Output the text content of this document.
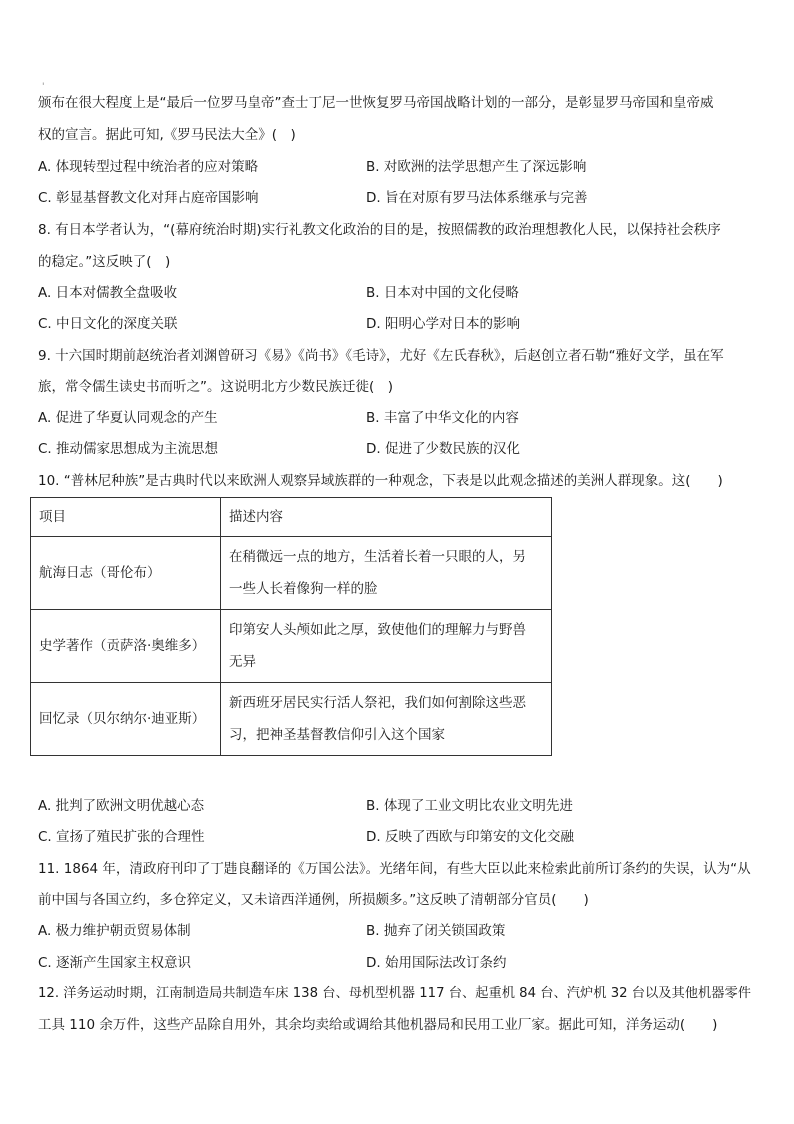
'
颁布在很大程度上是“最后一位罗马皇帝”查士丁尼一世恢复罗马帝国战略计划的一部分，是彰显罗马帝国和皇帝威
权的宣言。据此可知,《罗马民法大全》(　)
A. 体现转型过程中统治者的应对策略	B. 对欧洲的法学思想产生了深远影响
C. 彰显基督教文化对拜占庭帝国影响	D. 旨在对原有罗马法体系继承与完善
8. 有日本学者认为，“(幕府统治时期)实行礼教文化政治的目的是，按照儒教的政治理想教化人民，以保持社会秩序
的稳定。”这反映了(　)
A. 日本对儒教全盘吸收	B. 日本对中国的文化侵略
C. 中日文化的深度关联	D. 阳明心学对日本的影响
9. 十六国时期前赵统治者刘渊曾研习《易》《尚书》《毛诗》，尤好《左氏春秋》，后赵创立者石勒“雅好文学，虽在军
旅，常令儒生读史书而听之”。这说明北方少数民族迁徙(　)
A. 促进了华夏认同观念的产生	B. 丰富了中华文化的内容
C. 推动儒家思想成为主流思想	D. 促进了少数民族的汉化
10. “普林尼种族”是古典时代以来欧洲人观察异域族群的一种观念，下表是以此观念描述的美洲人群现象。这(　　)
项目	描述内容
航海日志（哥伦布）	在稍微远一点的地方，生活着长着一只眼的人，另
一些人长着像狗一样的脸

史学著作（贡萨洛·奥维多）	印第安人头颅如此之厚，致使他们的理解力与野兽
无异

回忆录（贝尔纳尔·迪亚斯）	新西班牙居民实行活人祭祀，我们如何割除这些恶
习，把神圣基督教信仰引入这个国家
A. 批判了欧洲文明优越心态	B. 体现了工业文明比农业文明先进
C. 宣扬了殖民扩张的合理性	D. 反映了西欧与印第安的文化交融
11. 1864 年，清政府刊印了丁韪良翻译的《万国公法》。光绪年间，有些大臣以此来检索此前所订条约的失误，认为“从
前中国与各国立约，多仓猝定义，又未谙西洋通例，所损颇多。”这反映了清朝部分官员(　　)
A. 极力维护朝贡贸易体制	B. 抛弃了闭关锁国政策
C. 逐渐产生国家主权意识	D. 始用国际法改订条约
12. 洋务运动时期，江南制造局共制造车床 138 台、母机型机器 117 台、起重机 84 台、汽炉机 32 台以及其他机器零件
工具 110 余万件，这些产品除自用外，其余均卖给或调给其他机器局和民用工业厂家。据此可知，洋务运动(　　)
